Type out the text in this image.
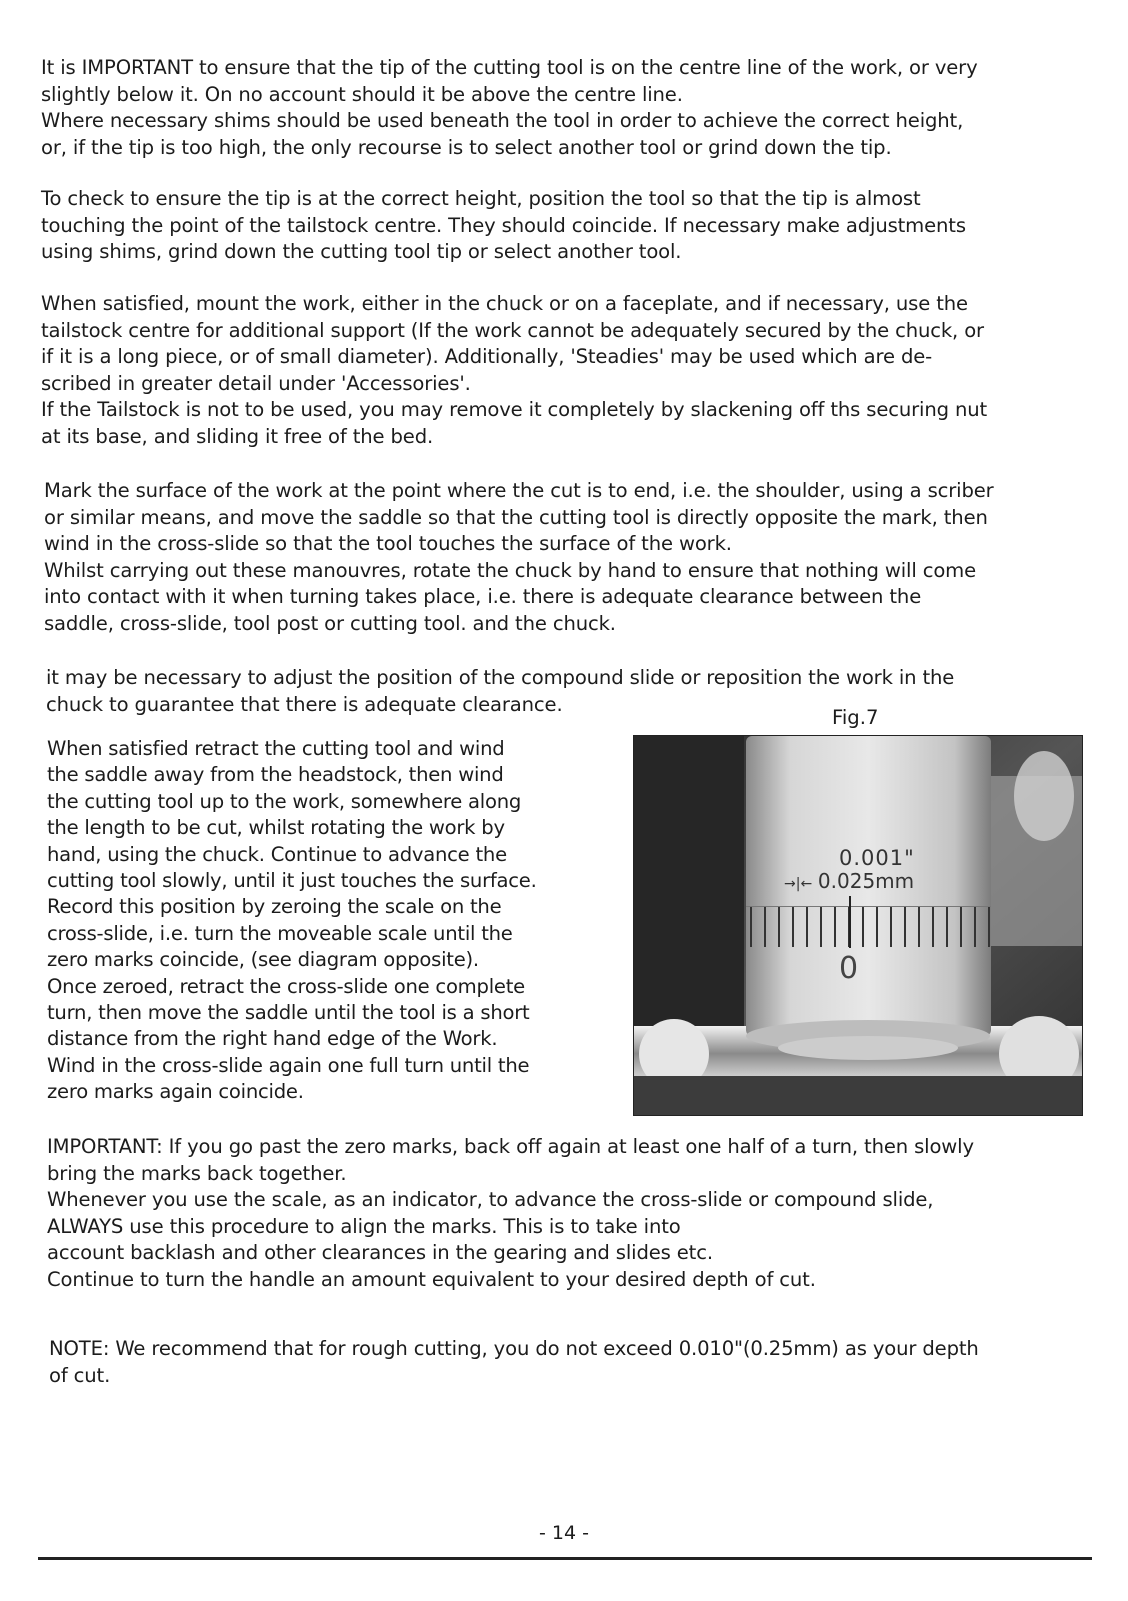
It is IMPORTANT to ensure that the tip of the cutting tool is on the centre line of the work, or very
slightly below it. On no account should it be above the centre line.
Where necessary shims should be used beneath the tool in order to achieve the correct height,
or, if the tip is too high, the only recourse is to select another tool or grind down the tip.

To check to ensure the tip is at the correct height, position the tool so that the tip is almost
touching the point of the tailstock centre. They should coincide. If necessary make adjustments
using shims, grind down the cutting tool tip or select another tool.

When satisfied, mount the work, either in the chuck or on a faceplate, and if necessary, use the
tailstock centre for additional support (If the work cannot be adequately secured by the chuck, or
if it is a long piece, or of small diameter). Additionally, 'Steadies' may be used which are de-
scribed in greater detail under 'Accessories'.
If the Tailstock is not to be used, you may remove it completely by slackening off ths securing nut
at its base, and sliding it free of the bed.

Mark the surface of the work at the point where the cut is to end, i.e. the shoulder, using a scriber
or similar means, and move the saddle so that the cutting tool is directly opposite the mark, then
wind in the cross-slide so that the tool touches the surface of the work.
Whilst carrying out these manouvres, rotate the chuck by hand to ensure that nothing will come
into contact with it when turning takes place, i.e. there is adequate clearance between the
saddle, cross-slide, tool post or cutting tool. and the chuck.

it may be necessary to adjust the position of the compound slide or reposition the work in the
chuck to guarantee that there is adequate clearance.

Fig.7

When satisfied retract the cutting tool and wind
the saddle away from the headstock, then wind
the cutting tool up to the work, somewhere along
the length to be cut, whilst rotating the work by
hand, using the chuck. Continue to advance the
cutting tool slowly, until it just touches the surface.
Record this position by zeroing the scale on the
cross-slide, i.e. turn the moveable scale until the
zero marks coincide, (see diagram opposite).
Once zeroed, retract the cross-slide one complete
turn, then move the saddle until the tool is a short
distance from the right hand edge of the Work.
Wind in the cross-slide again one full turn until the
zero marks again coincide.

0.001"
→|← 0.025mm
0

IMPORTANT: If you go past the zero marks, back off again at least one half of a turn, then slowly
bring the marks back together.
Whenever you use the scale, as an indicator, to advance the cross-slide or compound slide,
ALWAYS use this procedure to align the marks. This is to take into
account backlash and other clearances in the gearing and slides etc.
Continue to turn the handle an amount equivalent to your desired depth of cut.

NOTE: We recommend that for rough cutting, you do not exceed 0.010"(0.25mm) as your depth
of cut.

- 14 -
